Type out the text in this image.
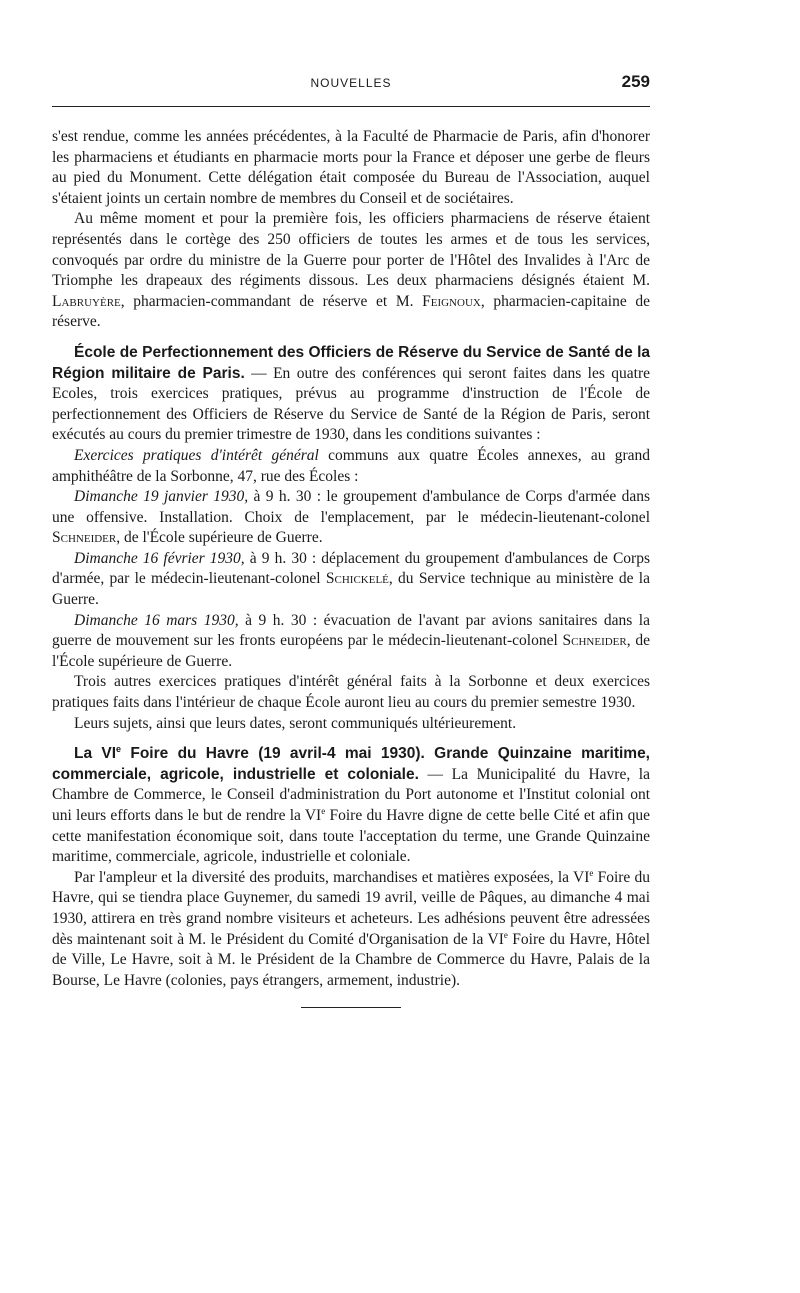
NOUVELLES	259

s'est rendue, comme les années précédentes, à la Faculté de Pharmacie de Paris, afin d'honorer les pharmaciens et étudiants en pharmacie morts pour la France et déposer une gerbe de fleurs au pied du Monument. Cette délégation était composée du Bureau de l'Association, auquel s'étaient joints un certain nombre de membres du Conseil et de sociétaires.

Au même moment et pour la première fois, les officiers pharmaciens de réserve étaient représentés dans le cortège des 250 officiers de toutes les armes et de tous les services, convoqués par ordre du ministre de la Guerre pour porter de l'Hôtel des Invalides à l'Arc de Triomphe les drapeaux des régiments dissous. Les deux pharmaciens désignés étaient M. Labruyère, pharmacien-commandant de réserve et M. Feignoux, pharmacien-capitaine de réserve.

École de Perfectionnement des Officiers de Réserve du Service de Santé de la Région militaire de Paris. — En outre des conférences qui seront faites dans les quatre Ecoles, trois exercices pratiques, prévus au programme d'instruction de l'École de perfectionnement des Officiers de Réserve du Service de Santé de la Région de Paris, seront exécutés au cours du premier trimestre de 1930, dans les conditions suivantes :

Exercices pratiques d'intérêt général communs aux quatre Écoles annexes, au grand amphithéâtre de la Sorbonne, 47, rue des Écoles :

Dimanche 19 janvier 1930, à 9 h. 30 : le groupement d'ambulance de Corps d'armée dans une offensive. Installation. Choix de l'emplacement, par le médecin-lieutenant-colonel Schneider, de l'École supérieure de Guerre.

Dimanche 16 février 1930, à 9 h. 30 : déplacement du groupement d'ambulances de Corps d'armée, par le médecin-lieutenant-colonel Schickelé, du Service technique au ministère de la Guerre.

Dimanche 16 mars 1930, à 9 h. 30 : évacuation de l'avant par avions sanitaires dans la guerre de mouvement sur les fronts européens par le médecin-lieutenant-colonel Schneider, de l'École supérieure de Guerre.

Trois autres exercices pratiques d'intérêt général faits à la Sorbonne et deux exercices pratiques faits dans l'intérieur de chaque École auront lieu au cours du premier semestre 1930.

Leurs sujets, ainsi que leurs dates, seront communiqués ultérieurement.

La VIe Foire du Havre (19 avril-4 mai 1930). Grande Quinzaine maritime, commerciale, agricole, industrielle et coloniale. — La Municipalité du Havre, la Chambre de Commerce, le Conseil d'administration du Port autonome et l'Institut colonial ont uni leurs efforts dans le but de rendre la VIe Foire du Havre digne de cette belle Cité et afin que cette manifestation économique soit, dans toute l'acceptation du terme, une Grande Quinzaine maritime, commerciale, agricole, industrielle et coloniale.

Par l'ampleur et la diversité des produits, marchandises et matières exposées, la VIe Foire du Havre, qui se tiendra place Guynemer, du samedi 19 avril, veille de Pâques, au dimanche 4 mai 1930, attirera en très grand nombre visiteurs et acheteurs. Les adhésions peuvent être adressées dès maintenant soit à M. le Président du Comité d'Organisation de la VIe Foire du Havre, Hôtel de Ville, Le Havre, soit à M. le Président de la Chambre de Commerce du Havre, Palais de la Bourse, Le Havre (colonies, pays étrangers, armement, industrie).
